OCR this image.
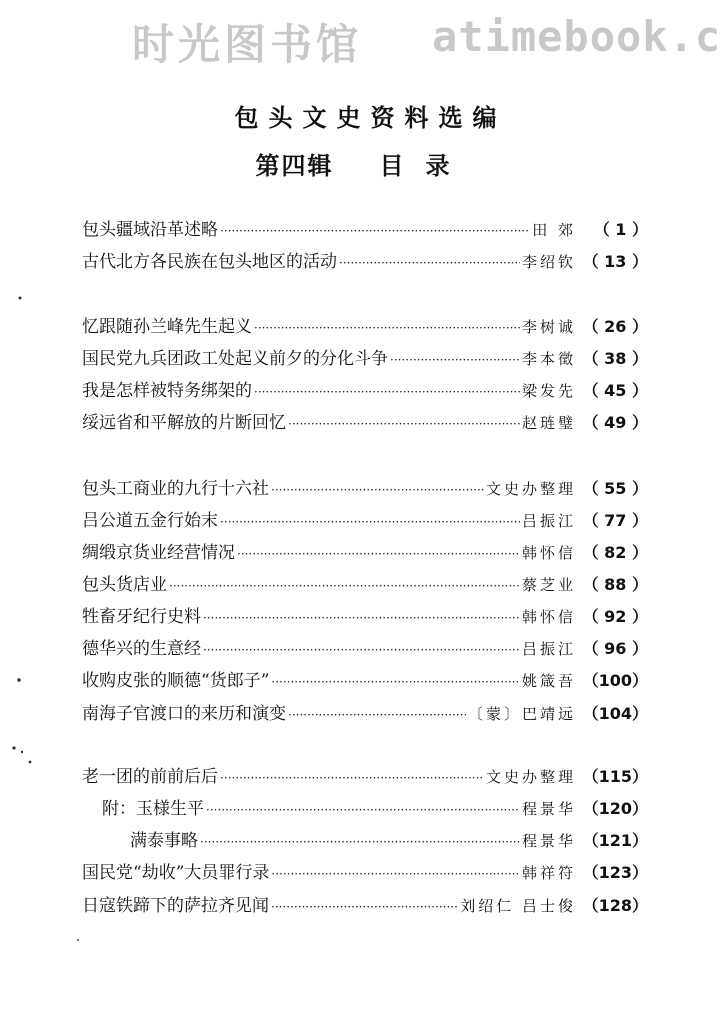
时光图书馆 atimebook.c
包头文史资料选编
第四辑 目录
包头疆域沿革述略 ·····	田 郊	（ 1 ）
古代北方各民族在包头地区的活动 ·····	李绍钦 （ 13 ）
忆跟随孙兰峰先生起义 ·····	李树诚 （ 26 ）
国民党九兵团政工处起义前夕的分化斗争 ·····	李本徵 （ 38 ）
我是怎样被特务绑架的 ·····	梁发先 （ 45 ）
绥远省和平解放的片断回忆 ·····	赵琏璧 （ 49 ）
包头工商业的九行十六社 ·····	文史办整理 （ 55 ）
吕公道五金行始末 ·····	吕振江 （ 77 ）
绸缎京货业经营情况 ·····	韩怀信 （ 82 ）
包头货店业 ·····	蔡芝业 （ 88 ）
牲畜牙纪行史料 ·····	韩怀信 （ 92 ）
德华兴的生意经 ·····	吕振江 （ 96 ）
收购皮张的顺德“货郎子” ·····	姚箴吾 （100）
南海子官渡口的来历和演变 ·····	〔蒙〕巴靖远 （104）
老一团的前前后后 ·····	文史办整理 （115）
附：玉様生平 ·····	程景华 （120）
满泰事略 ·····	程景华 （121）
国民党“劫收”大员罪行录 ·····	韩祥符 （123）
日寇铁蹄下的萨拉齐见闻 ·····	刘绍仁 吕士俊 （128）
